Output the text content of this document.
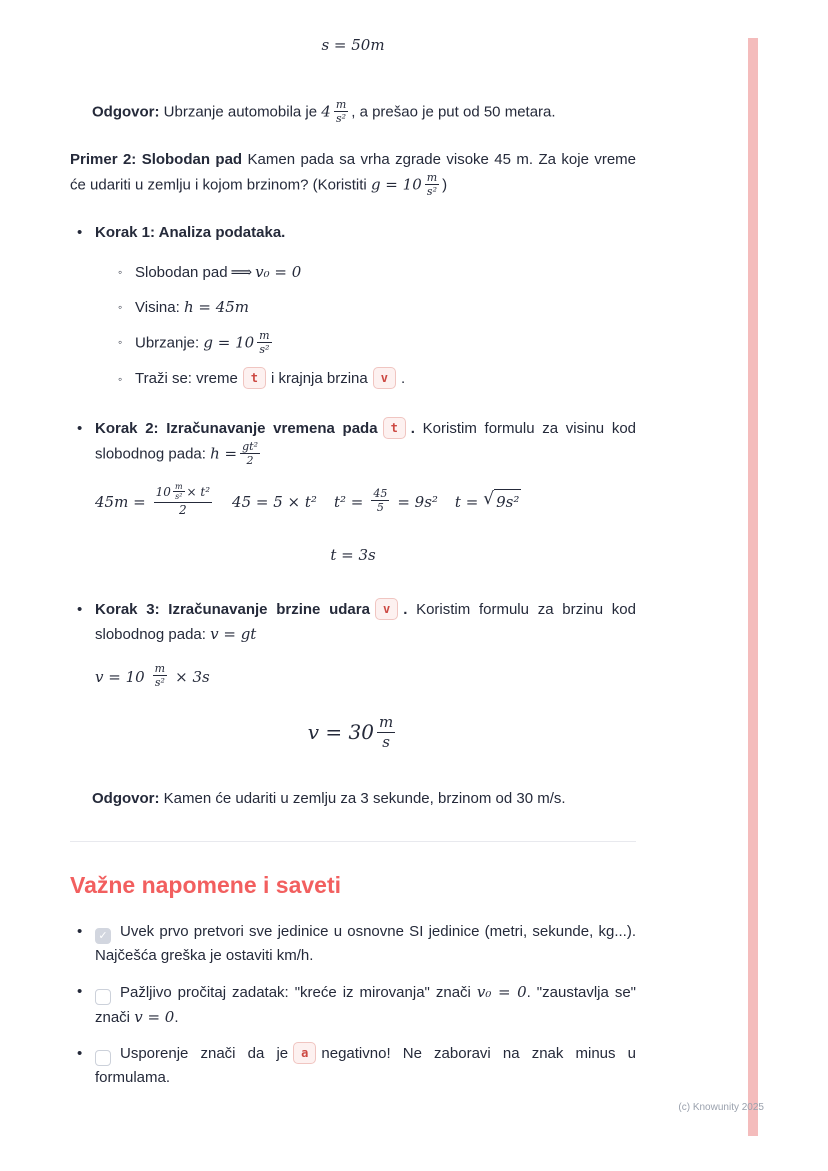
s = 50m

Odgovor: Ubrzanje automobila je $4 \frac{m}{\text{s²}}$ , a prešao je put od 50 metara.

Primer 2: Slobodan pad Kamen pada sa vrha zgrade visoke 45 m. Za koje vreme će udariti u zemlju i kojom brzinom? (Koristiti $g = 10 \frac{m}{\text{s²}}$ )

• Korak 1: Analiza podataka.
◦ Slobodan pad ⟹ v₀ = 0
◦ Visina: h = 45m
◦ Ubrzanje: $g = 10 \frac{m}{\text{s²}}$
◦ Traži se: vreme t i krajnja brzina v .
• Korak 2: Izračunavanje vremena pada t . Koristim formulu za visinu kod slobodnog pada: $h = \frac{\text{gt²}}{2}$
$45m = \frac{10 \frac{m}{\text{s²}} \times t^2}{2} 45 = 5 \times t^2$ $t^2 = \frac{45}{5} = 9s^2$ t = √ 9s²
t = 3s
• Korak 3: Izračunavanje brzine udara v . Koristim formulu za brzinu kod slobodnog pada: v = gt
$v = 10 \frac{m}{\text{s²}} \times 3s$
$v = 30 \frac{m}{s}$

Odgovor: Kamen će udariti u zemlju za 3 sekunde, brzinom od 30 m/s.

Važne napomene i saveti
• ✓ Uvek prvo pretvori sve jedinice u osnovne SI jedinice (metri, sekunde, kg...). Najčešća greška je ostaviti km/h.
• Pažljivo pročitaj zadatak: "kreće iz mirovanja" znači v₀ = 0. "zaustavlja se" znači v = 0.
• Usporenje znači da je a negativno! Ne zaboravi na znak minus u formulama.
(c) Knowunity 2025
